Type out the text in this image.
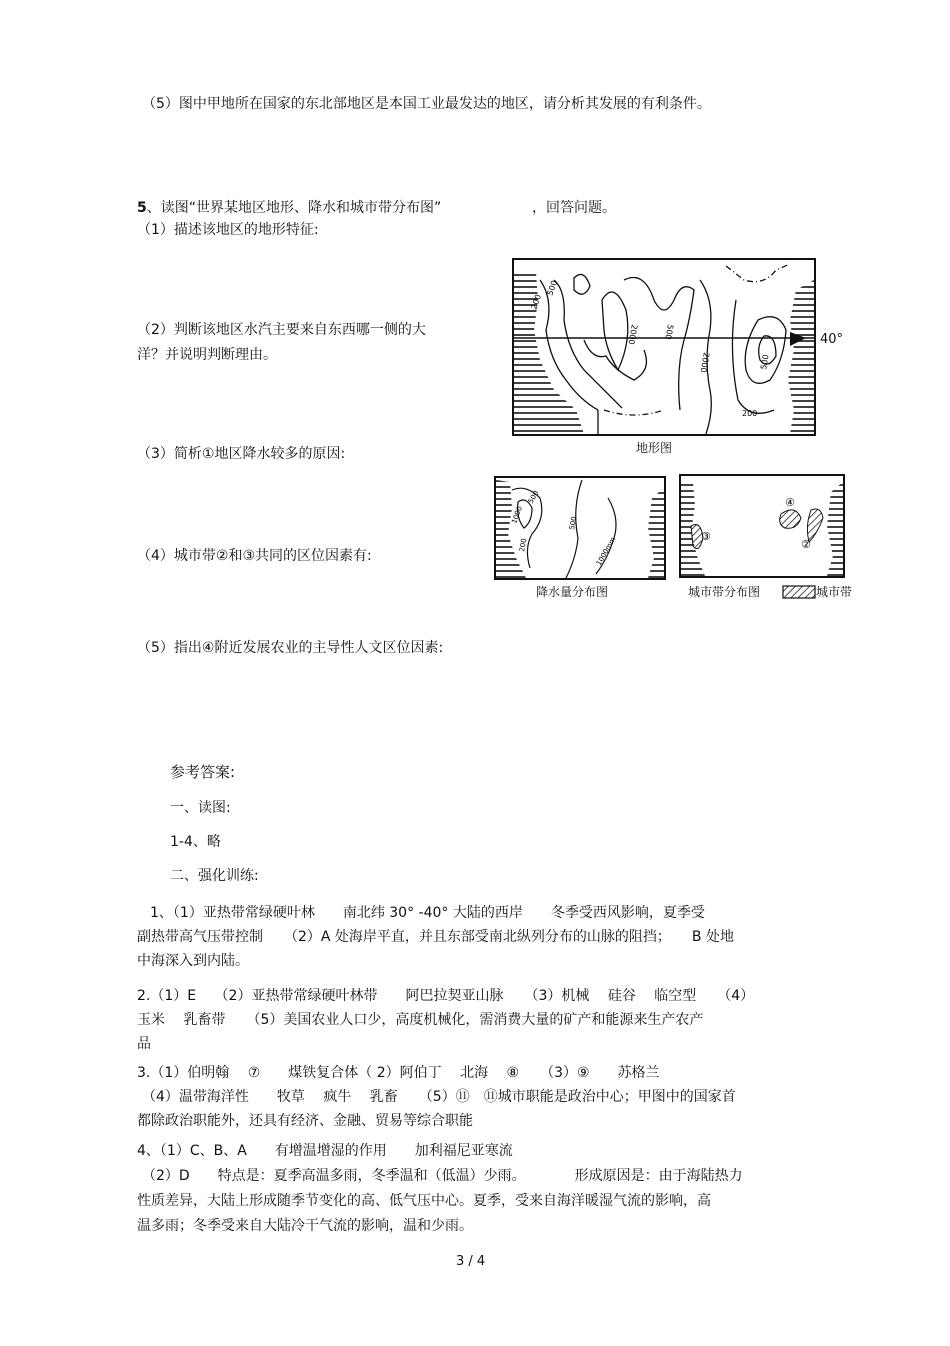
（5）图中甲地所在国家的东北部地区是本国工业最发达的地区，请分析其发展的有利条件。
5、读图“世界某地区地形、降水和城市带分布图”	，回答问题。
（1）描述该地区的地形特征:
（2）判断该地区水汽主要来自东西哪一侧的大
洋？并说明判断理由。
（3）简析①地区降水较多的原因:
（4）城市带②和③共同的区位因素有:
（5）指出④附近发展农业的主导性人文区位因素:
200
500
500
2000
2000	500
200
40°
地形图
500
1000
200
500
1000mm
降水量分布图
④
③
②
城市带分布图	城市带
参考答案:
一、读图:
1-4、略
二、强化训练:
1、（1）亚热带常绿硬叶林　　南北纬 30° -40° 大陆的西岸　　冬季受西风影响，夏季受
副热带高气压带控制　　（2）A 处海岸平直，并且东部受南北纵列分布的山脉的阻挡；　　B 处地
中海深入到内陆。
2.（1）E　 （2）亚热带常绿硬叶林带　　阿巴拉契亚山脉　　（3）机械　 硅谷　 临空型　　（4）
玉米　 乳畜带　　（5）美国农业人口少，高度机械化，需消费大量的矿产和能源来生产农产
品
3.（1）伯明翰　 ⑦　　煤铁复合体（ 2）阿伯丁　 北海　 ⑧　　（3）⑨　　苏格兰
（4）温带海洋性　　牧草　 疯牛　 乳畜　　（5）⑪　⑪城市职能是政治中心；甲图中的国家首
都除政治职能外，还具有经济、金融、贸易等综合职能
4、（1）C、B、A　　有增温增湿的作用　　加利福尼亚寒流
（2）D　　特点是：夏季高温多雨，冬季温和（低温）少雨。　　　　形成原因是：由于海陆热力
性质差异，大陆上形成随季节变化的高、低气压中心。夏季，受来自海洋暖湿气流的影响，高
温多雨；冬季受来自大陆冷干气流的影响，温和少雨。
3 / 4
